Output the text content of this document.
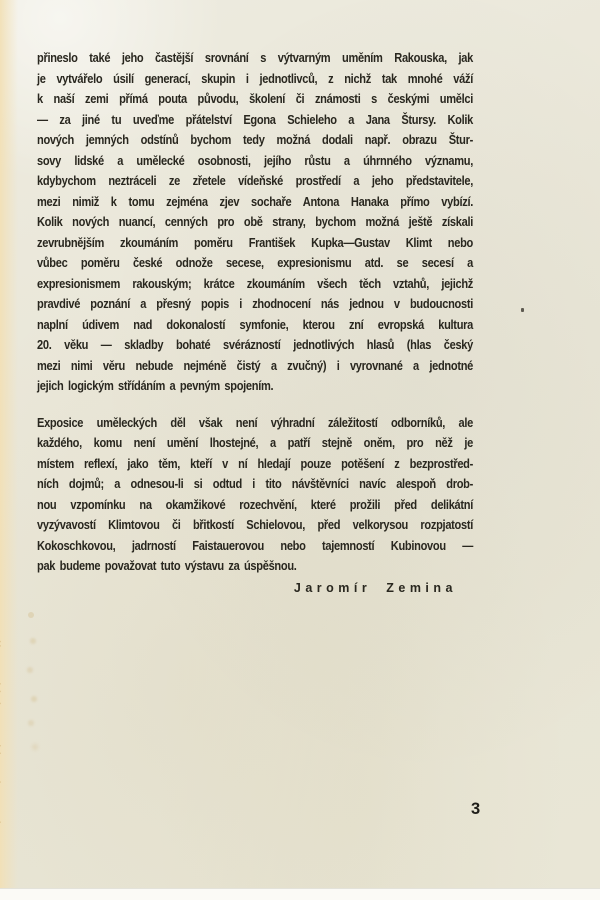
přineslo také jeho častější srovnání s výtvarným uměním Rakouska, jak
je vytvářelo úsilí generací, skupin i jednotlivců, z nichž tak mnohé váží
k naší zemi přímá pouta původu, školení či známosti s českými umělci
— za jiné tu uveďme přátelství Egona Schieleho a Jana Štursy. Kolik
nových jemných odstínů bychom tedy možná dodali např. obrazu Štur-
sovy lidské a umělecké osobnosti, jejího růstu a úhrnného významu,
kdybychom neztráceli ze zřetele vídeňské prostředí a jeho představitele,
mezi nimiž k tomu zejména zjev sochaře Antona Hanaka přímo vybízí.
Kolik nových nuancí, cenných pro obě strany, bychom možná ještě získali
zevrubnějším zkoumáním poměru František Kupka—Gustav Klimt nebo
vůbec poměru české odnože secese, expresionismu atd. se secesí a
expresionismem rakouským; krátce zkoumáním všech těch vztahů, jejichž
pravdivé poznání a přesný popis i zhodnocení nás jednou v budoucnosti
naplní údivem nad dokonalostí symfonie, kterou zní evropská kultura
20. věku — skladby bohaté svérázností jednotlivých hlasů (hlas český
mezi nimi věru nebude nejméně čistý a zvučný) i vyrovnané a jednotné
jejich logickým střídáním a pevným spojením.
Exposice uměleckých děl však není výhradní záležitostí odborníků, ale
každého, komu není umění lhostejné, a patří stejně oněm, pro něž je
místem reflexí, jako těm, kteří v ní hledají pouze potěšení z bezprostřed-
ních dojmů; a odnesou-li si odtud i tito návštěvníci navíc alespoň drob-
nou vzpomínku na okamžikové rozechvění, které prožili před delikátní
vyzývavostí Klimtovou či břitkostí Schielovou, před velkorysou rozpjatostí
Kokoschkovou, jadrností Faistauerovou nebo tajemností Kubinovou —
pak budeme považovat tuto výstavu za úspěšnou.
Jaromír Zemina
3
